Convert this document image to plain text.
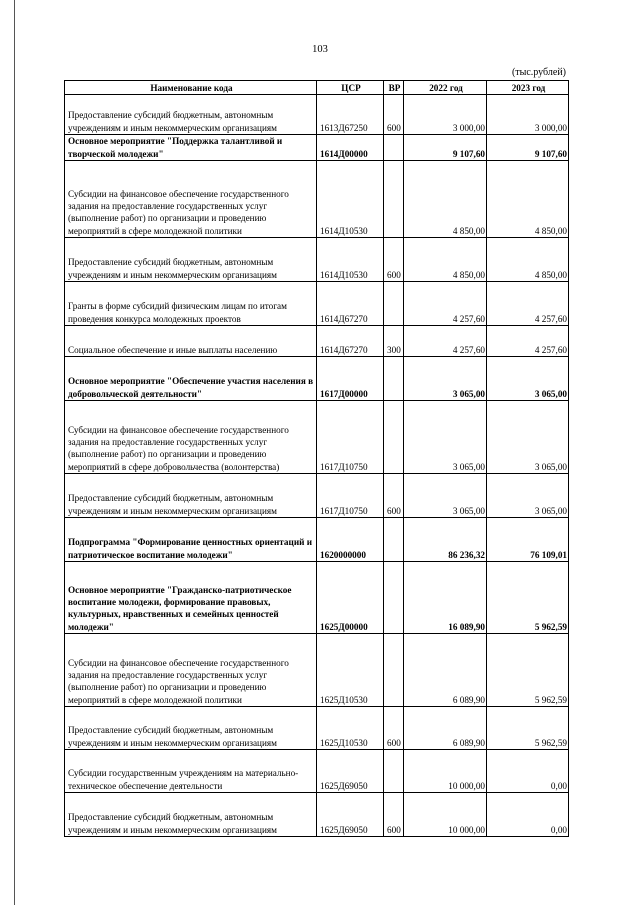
103
(тыс.рублей)
Наименование кода	ЦСР	ВР	2022 год	2023 год
Предоставление субсидий бюджетным, автономным учреждениям и иным некоммерческим организациям	1613Д67250	600	3 000,00	3 000,00
Основное мероприятие "Поддержка талантливой и творческой молодежи"	1614Д00000		9 107,60	9 107,60
Субсидии на финансовое обеспечение государственного задания на предоставление государственных услуг (выполнение работ) по организации и проведению мероприятий в сфере молодежной политики	1614Д10530		4 850,00	4 850,00
Предоставление субсидий бюджетным, автономным учреждениям и иным некоммерческим организациям	1614Д10530	600	4 850,00	4 850,00
Гранты в форме субсидий физическим лицам по итогам проведения конкурса молодежных проектов	1614Д67270		4 257,60	4 257,60
Социальное обеспечение и иные выплаты населению	1614Д67270	300	4 257,60	4 257,60
Основное мероприятие "Обеспечение участия населения в добровольческой деятельности"	1617Д00000		3 065,00	3 065,00
Субсидии на финансовое обеспечение государственного задания на предоставление государственных услуг (выполнение работ) по организации и проведению мероприятий в сфере добровольчества (волонтерства)	1617Д10750		3 065,00	3 065,00
Предоставление субсидий бюджетным, автономным учреждениям и иным некоммерческим организациям	1617Д10750	600	3 065,00	3 065,00
Подпрограмма "Формирование ценностных ориентаций и патриотическое воспитание молодежи"	1620000000		86 236,32	76 109,01
Основное мероприятие "Гражданско-патриотическое воспитание молодежи, формирование правовых, культурных, нравственных и семейных ценностей молодежи"	1625Д00000		16 089,90	5 962,59
Субсидии на финансовое обеспечение государственного задания на предоставление государственных услуг (выполнение работ) по организации и проведению мероприятий в сфере молодежной политики	1625Д10530		6 089,90	5 962,59
Предоставление субсидий бюджетным, автономным учреждениям и иным некоммерческим организациям	1625Д10530	600	6 089,90	5 962,59
Субсидии государственным учреждениям на материально-техническое обеспечение деятельности	1625Д69050		10 000,00	0,00
Предоставление субсидий бюджетным, автономным учреждениям и иным некоммерческим организациям	1625Д69050	600	10 000,00	0,00
